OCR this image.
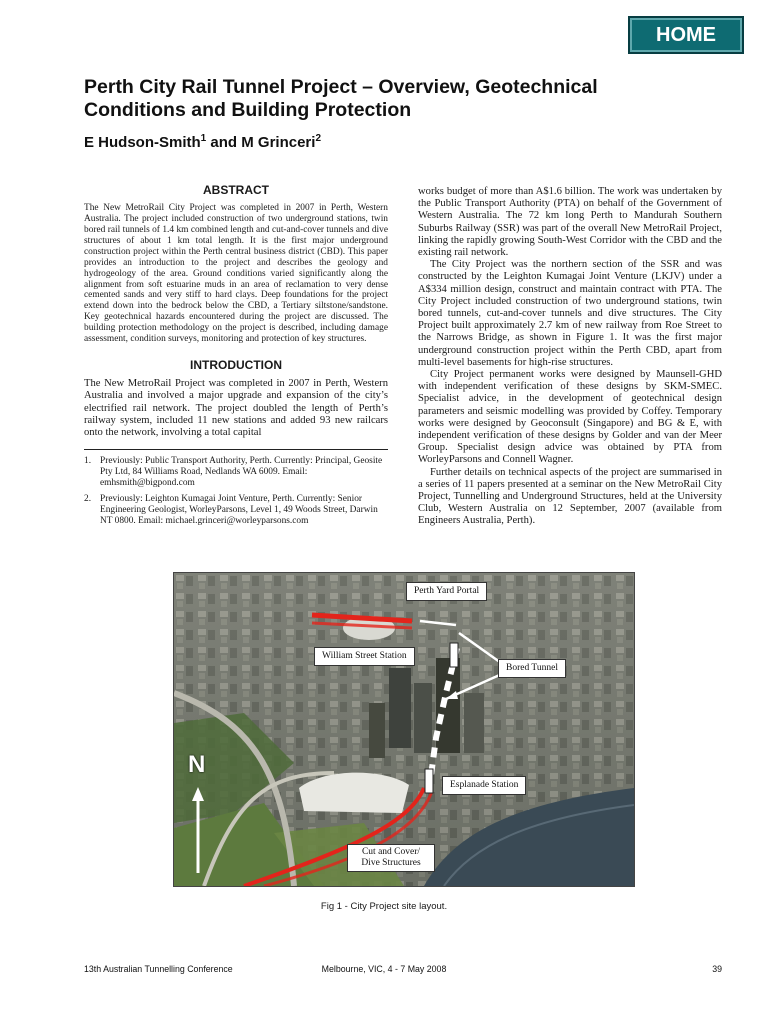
HOME
Perth City Rail Tunnel Project – Overview, Geotechnical Conditions and Building Protection
E Hudson-Smith$^1$ and M Grinceri$^2$
ABSTRACT

The New MetroRail City Project was completed in 2007 in Perth, Western Australia. The project included construction of two underground stations, twin bored rail tunnels of 1.4 km combined length and cut-and-cover tunnels and dive structures of about 1 km total length. It is the first major underground construction project within the Perth central business district (CBD). This paper provides an introduction to the project and describes the geology and hydrogeology of the area. Ground conditions varied significantly along the alignment from soft estuarine muds in an area of reclamation to very dense cemented sands and very stiff to hard clays. Deep foundations for the project extend down into the bedrock below the CBD, a Tertiary siltstone/sandstone. Key geotechnical hazards encountered during the project are discussed. The building protection methodology on the project is described, including damage assessment, condition surveys, monitoring and protection of key structures.

INTRODUCTION

The New MetroRail Project was completed in 2007 in Perth, Western Australia and involved a major upgrade and expansion of the city’s electrified rail network. The project doubled the length of Perth’s railway system, included 11 new stations and added 93 new railcars onto the network, involving a total capital

1. Previously: Public Transport Authority, Perth. Currently: Principal, Geosite Pty Ltd, 84 Williams Road, Nedlands WA 6009. Email: emhsmith@bigpond.com
2. Previously: Leighton Kumagai Joint Venture, Perth. Currently: Senior Engineering Geologist, WorleyParsons, Level 1, 49 Woods Street, Darwin NT 0800. Email: michael.grinceri@worleyparsons.com

works budget of more than A$1.6 billion. The work was undertaken by the Public Transport Authority (PTA) on behalf of the Government of Western Australia. The 72 km long Perth to Mandurah Southern Suburbs Railway (SSR) was part of the overall New MetroRail Project, linking the rapidly growing South-West Corridor with the CBD and the existing rail network.

The City Project was the northern section of the SSR and was constructed by the Leighton Kumagai Joint Venture (LKJV) under a A$334 million design, construct and maintain contract with PTA. The City Project included construction of two underground stations, twin bored tunnels, cut-and-cover tunnels and dive structures. The City Project built approximately 2.7 km of new railway from Roe Street to the Narrows Bridge, as shown in Figure 1. It was the first major underground construction project within the Perth CBD, apart from multi-level basements for high-rise structures.

City Project permanent works were designed by Maunsell-GHD with independent verification of these designs by SKM-SMEC. Specialist advice, in the development of geotechnical design parameters and seismic modelling was provided by Coffey. Temporary works were designed by Geoconsult (Singapore) and BG & E, with independent verification of these designs by Golder and van der Meer Group. Specialist design advice was obtained by PTA from WorleyParsons and Connell Wagner.

Further details on technical aspects of the project are summarised in a series of 11 papers presented at a seminar on the New MetroRail City Project, Tunnelling and Underground Structures, held at the University Club, Western Australia on 12 September, 2007 (available from Engineers Australia, Perth).

N
Perth Yard Portal
William Street Station
Bored Tunnel
Esplanade Station
Cut and Cover/ Dive Structures
Fig 1 - City Project site layout.
13th Australian Tunnelling Conference	Melbourne, VIC, 4 - 7 May 2008	39
